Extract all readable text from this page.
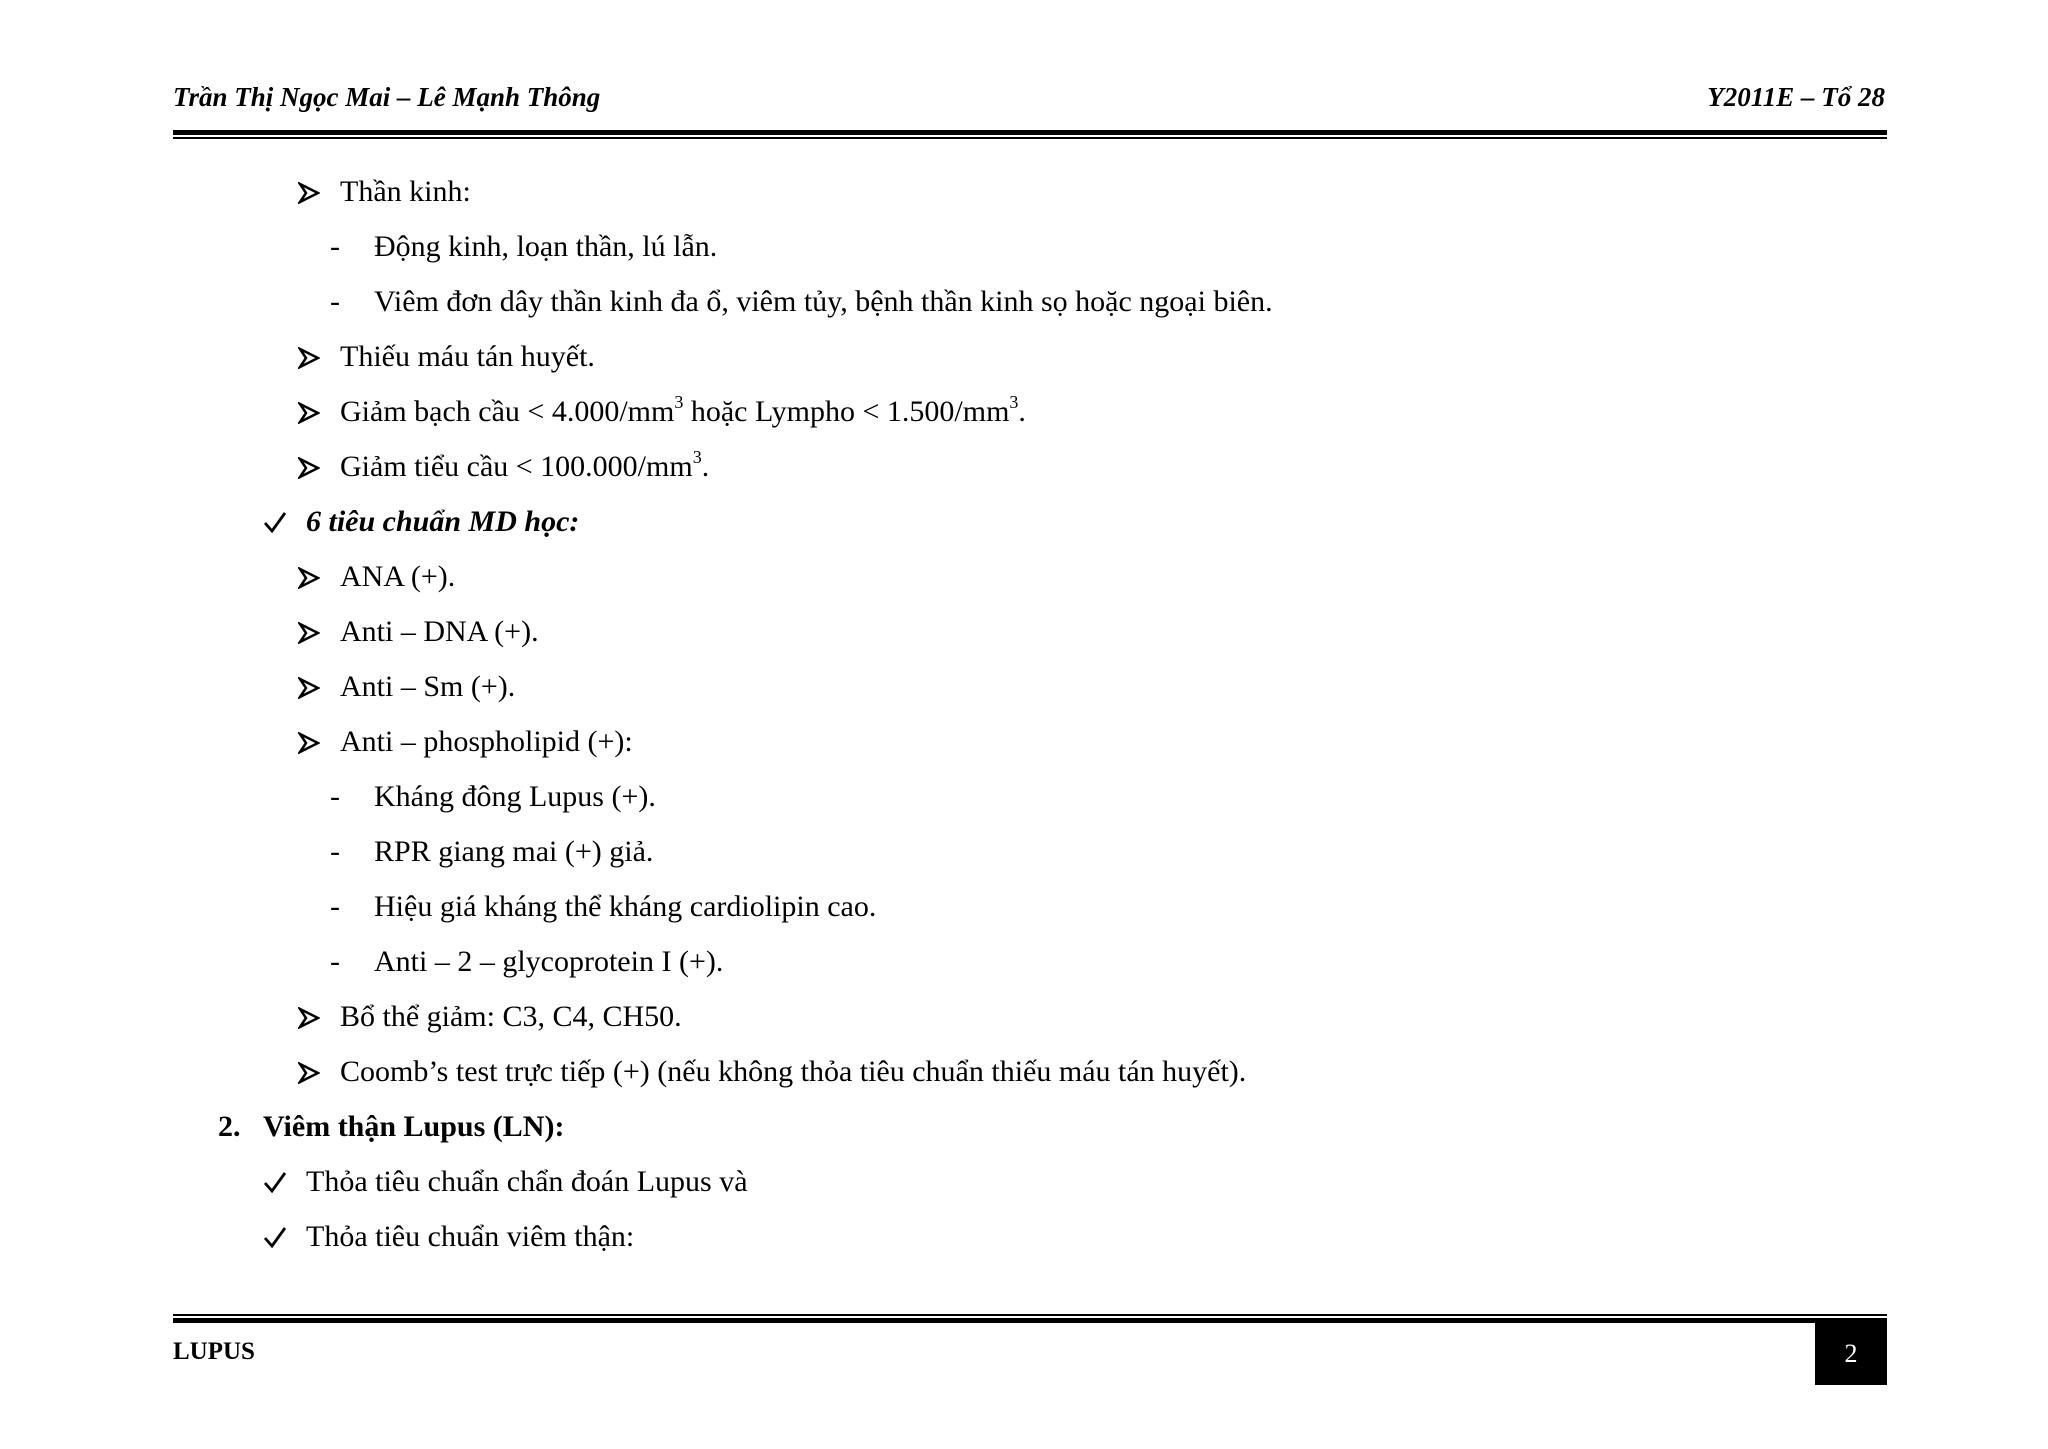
Trần Thị Ngọc Mai – Lê Mạnh Thông	Y2011E – Tổ 28
Thần kinh:
- Động kinh, loạn thần, lú lẫn.
- Viêm đơn dây thần kinh đa ổ, viêm tủy, bệnh thần kinh sọ hoặc ngoại biên.
Thiếu máu tán huyết.
Giảm bạch cầu < $4.000/mm^3$ hoặc Lympho < $1.500/mm^3$.
Giảm tiểu cầu < $100.000/mm^3$.
6 tiêu chuẩn MD học:
ANA (+).
Anti – DNA (+).
Anti – Sm (+).
Anti – phospholipid (+):
- Kháng đông Lupus (+).
- RPR giang mai (+) giả.
- Hiệu giá kháng thể kháng cardiolipin cao.
- Anti – 2 – glycoprotein I (+).
Bổ thể giảm: C3, C4, CH50.
Coomb’s test trực tiếp (+) (nếu không thỏa tiêu chuẩn thiếu máu tán huyết).
2. Viêm thận Lupus (LN):
Thỏa tiêu chuẩn chẩn đoán Lupus và
Thỏa tiêu chuẩn viêm thận:
LUPUS	2
